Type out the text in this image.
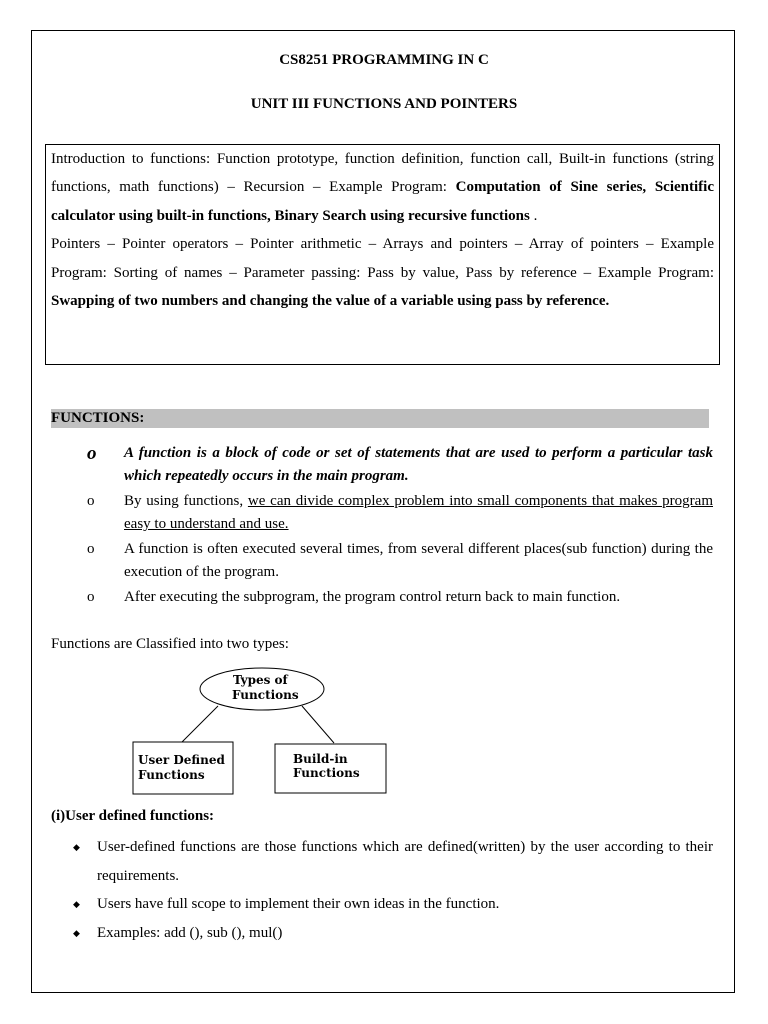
CS8251 PROGRAMMING IN C
UNIT III FUNCTIONS AND POINTERS

Introduction to functions: Function prototype, function definition, function call, Built-in functions (string functions, math functions) – Recursion – Example Program: Computation of Sine series, Scientific calculator using built-in functions, Binary Search using recursive functions .

Pointers – Pointer operators – Pointer arithmetic – Arrays and pointers – Array of pointers – Example Program: Sorting of names – Parameter passing: Pass by value, Pass by reference – Example Program: Swapping of two numbers and changing the value of a variable using pass by reference.

FUNCTIONS:
o A function is a block of code or set of statements that are used to perform a particular task which repeatedly occurs in the main program.
o By using functions, we can divide complex problem into small components that makes program easy to understand and use.
o A function is often executed several times, from several different places(sub function) during the execution of the program.
o After executing the subprogram, the program control return back to main function.
Functions are Classified into two types:
Types of
Functions
User Defined
Functions
Build-in
Functions
(i)User defined functions:
◆ User-defined functions are those functions which are defined(written) by the user according to their requirements.
◆ Users have full scope to implement their own ideas in the function.
◆ Examples: add (), sub (), mul()
